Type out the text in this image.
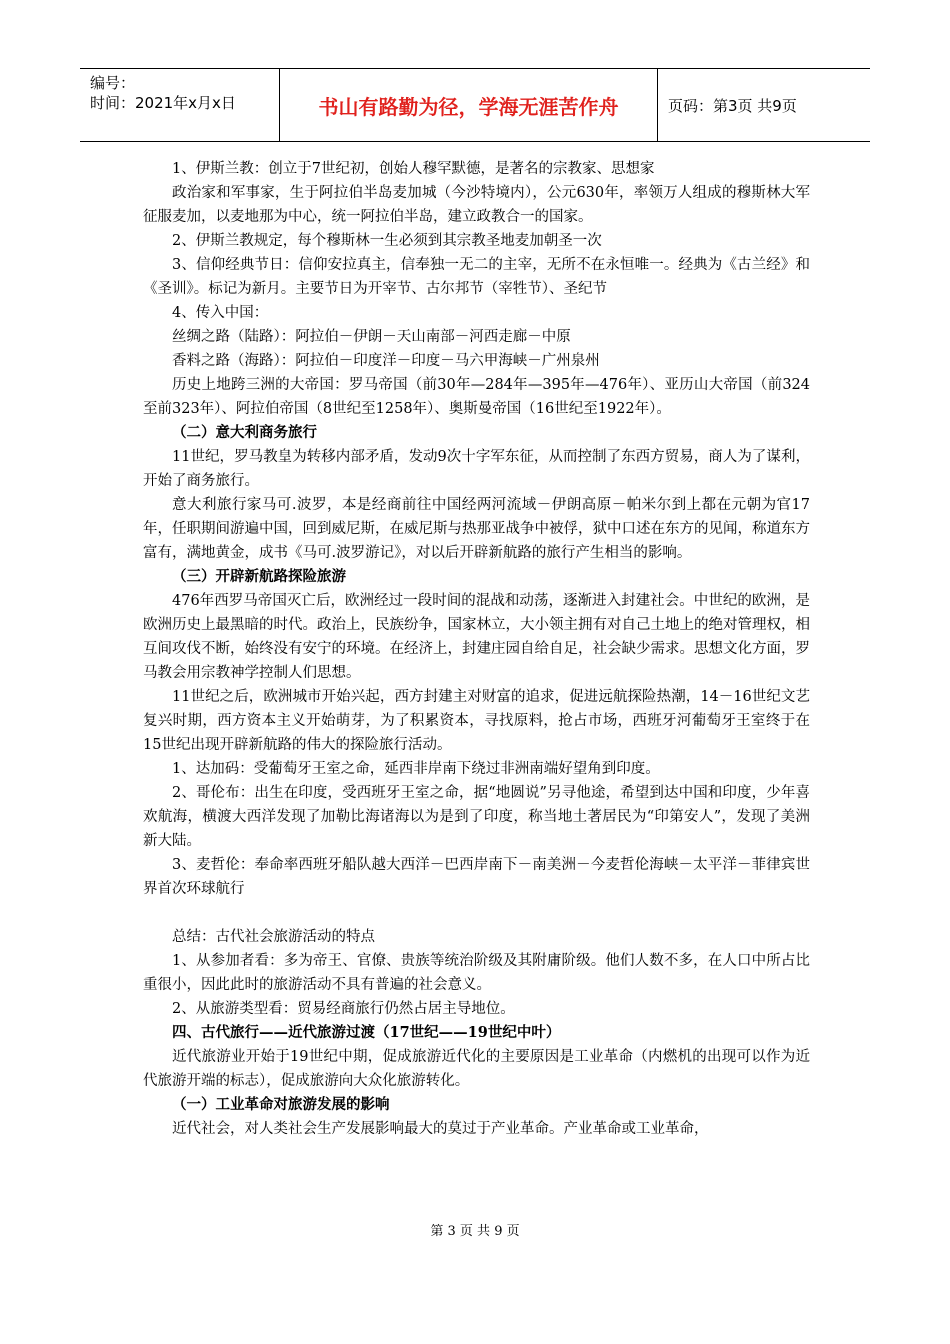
编号：
时间：2021年x月x日	书山有路勤为径，学海无涯苦作舟	页码：第3页 共9页

1、伊斯兰教：创立于7世纪初，创始人穆罕默德，是著名的宗教家、思想家

政治家和军事家，生于阿拉伯半岛麦加城（今沙特境内），公元630年，率领万人组成的穆斯林大军征服麦加，以麦地那为中心，统一阿拉伯半岛，建立政教合一的国家。

2、伊斯兰教规定，每个穆斯林一生必须到其宗教圣地麦加朝圣一次

3、信仰经典节日：信仰安拉真主，信奉独一无二的主宰，无所不在永恒唯一。经典为《古兰经》和《圣训》。标记为新月。主要节日为开宰节、古尔邦节（宰牲节）、圣纪节

4、传入中国：

丝绸之路（陆路）：阿拉伯－伊朗－天山南部－河西走廊－中原

香料之路（海路）：阿拉伯－印度洋－印度－马六甲海峡－广州泉州

历史上地跨三洲的大帝国：罗马帝国（前30年—284年—395年—476年）、亚历山大帝国（前324至前323年）、阿拉伯帝国（8世纪至1258年）、奥斯曼帝国（16世纪至1922年）。

（二）意大利商务旅行

11世纪，罗马教皇为转移内部矛盾，发动9次十字军东征，从而控制了东西方贸易，商人为了谋利，开始了商务旅行。

意大利旅行家马可.波罗，本是经商前往中国经两河流域－伊朗高原－帕米尔到上都在元朝为官17年，任职期间游遍中国，回到威尼斯，在威尼斯与热那亚战争中被俘，狱中口述在东方的见闻，称道东方富有，满地黄金，成书《马可.波罗游记》，对以后开辟新航路的旅行产生相当的影响。

（三）开辟新航路探险旅游

476年西罗马帝国灭亡后，欧洲经过一段时间的混战和动荡，逐渐进入封建社会。中世纪的欧洲，是欧洲历史上最黑暗的时代。政治上，民族纷争，国家林立，大小领主拥有对自己土地上的绝对管理权，相互间攻伐不断，始终没有安宁的环境。在经济上，封建庄园自给自足，社会缺少需求。思想文化方面，罗马教会用宗教神学控制人们思想。

11世纪之后，欧洲城市开始兴起，西方封建主对财富的追求，促进远航探险热潮，14－16世纪文艺复兴时期，西方资本主义开始萌芽，为了积累资本，寻找原料，抢占市场，西班牙河葡萄牙王室终于在15世纪出现开辟新航路的伟大的探险旅行活动。

1、达加码：受葡萄牙王室之命，延西非岸南下绕过非洲南端好望角到印度。

2、哥伦布：出生在印度，受西班牙王室之命，据“地圆说”另寻他途，希望到达中国和印度，少年喜欢航海，横渡大西洋发现了加勒比海诸海以为是到了印度，称当地土著居民为“印第安人”，发现了美洲新大陆。

3、麦哲伦：奉命率西班牙船队越大西洋－巴西岸南下－南美洲－今麦哲伦海峡－太平洋－菲律宾世界首次环球航行

总结：古代社会旅游活动的特点

1、从参加者看：多为帝王、官僚、贵族等统治阶级及其附庸阶级。他们人数不多，在人口中所占比重很小，因此此时的旅游活动不具有普遍的社会意义。

2、从旅游类型看：贸易经商旅行仍然占居主导地位。

四、古代旅行——近代旅游过渡（17世纪——19世纪中叶）

近代旅游业开始于19世纪中期，促成旅游近代化的主要原因是工业革命（内燃机的出现可以作为近代旅游开端的标志），促成旅游向大众化旅游转化。

（一）工业革命对旅游发展的影响

近代社会，对人类社会生产发展影响最大的莫过于产业革命。产业革命或工业革命，

第 3 页 共 9 页
